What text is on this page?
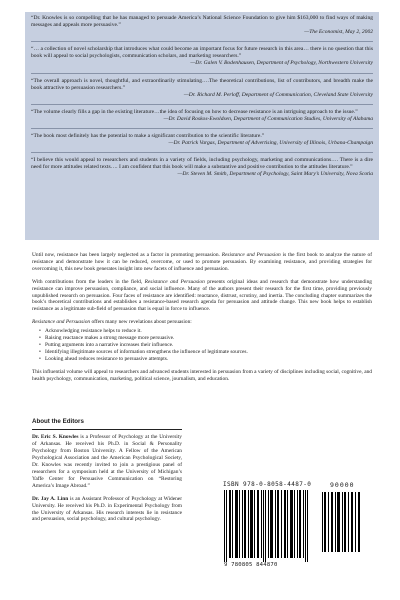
“Dr. Knowles is so compelling that he has managed to persuade America’s National Science Foundation to give him $163,000 to find ways of making messages and appeals more persuasive.”

—The Economist, May 2, 2002

“… a collection of novel scholarship that introduces what could become an important focus for future research in this area… there is no question that this book will appeal to social psychologists, communication scholars, and marketing researchers.”

—Dr. Galen V. Bodenhausen, Department of Psychology, Northwestern University

“The overall approach is novel, thoughtful, and extraordinarily stimulating….The theoretical contributions, list of contributors, and breadth make the book attractive to persuasion researchers.”

—Dr. Richard M. Perloff, Department of Communication, Cleveland State University

“The volume clearly fills a gap in the existing literature…the idea of focusing on how to decrease resistance is an intriguing approach to the issue.”

—Dr. David Roskos-Ewoldsen, Department of Communication Studies, University of Alabama

“The book most definitely has the potential to make a significant contribution to the scientific literature.”

—Dr. Patrick Vargas, Department of Advertising, University of Illinois, Urbana-Champaign

“I believe this would appeal to researchers and students in a variety of fields, including psychology, marketing and communications…. There is a dire need for more attitudes related texts…. I am confident that this book will make a substantive and positive contribution to the attitudes literature.”

—Dr. Steven M. Smith, Department of Psychology, Saint Mary’s University, Nova Scotia

Until now, resistance has been largely neglected as a factor in promoting persuasion. Resistance and Persuasion is the first book to analyze the nature of resistance and demonstrate how it can be reduced, overcome, or used to promote persuasion. By examining resistance, and providing strategies for overcoming it, this new book generates insight into new facets of influence and persuasion.

With contributions from the leaders in the field, Resistance and Persuasion presents original ideas and research that demonstrate how understanding resistance can improve persuasion, compliance, and social influence. Many of the authors present their research for the first time, providing previously unpublished research on persuasion. Four faces of resistance are identified: reactance, distrust, scrutiny, and inertia. The concluding chapter summarizes the book’s theoretical contributions and establishes a resistance-based research agenda for persuasion and attitude change. This new book helps to establish resistance as a legitimate sub-field of persuasion that is equal in force to influence.

Resistance and Persuasion offers many new revelations about persuasion:

• Acknowledging resistance helps to reduce it.
• Raising reactance makes a strong message more persuasive.
• Putting arguments into a narrative increases their influence.
• Identifying illegitimate sources of information strengthens the influence of legitimate sources.
• Looking ahead reduces resistance to persuasive attempts.

This influential volume will appeal to researchers and advanced students interested in persuasion from a variety of disciplines including social, cognitive, and health psychology, communication, marketing, political science, journalism, and education.

About the Editors

Dr. Eric S. Knowles is a Professor of Psychology at the University of Arkansas. He received his Ph.D. in Social & Personality Psychology from Boston University. A Fellow of the American Psychological Association and the American Psychological Society, Dr. Knowles was recently invited to join a prestigious panel of researchers for a symposium held at the University of Michigan’s Yaffe Center for Persuasive Communication on “Restoring America’s Image Abroad.”

Dr. Jay A. Linn is an Assistant Professor of Psychology at Widener University. He received his Ph.D. in Experimental Psychology from the University of Arkansas. His research interests lie in resistance and persuasion, social psychology, and cultural psychology.

ISBN 978-0-8058-4487-0	90000
9 780805 844870
